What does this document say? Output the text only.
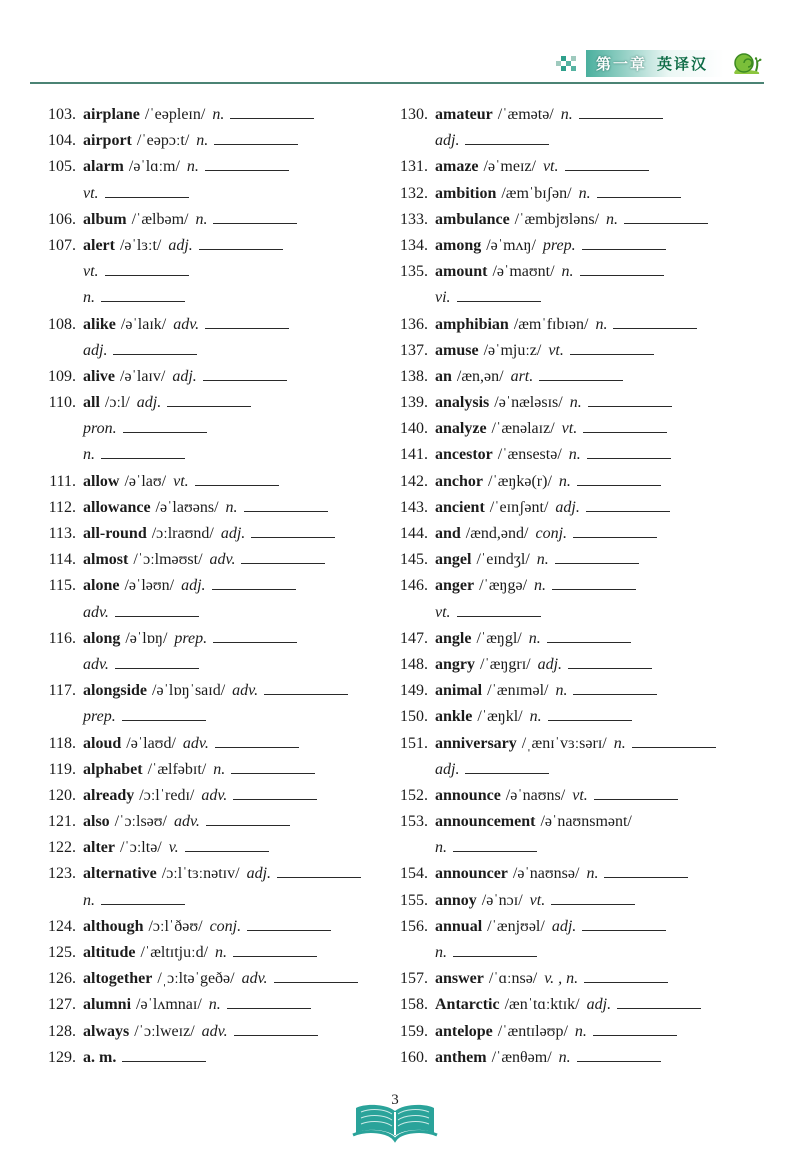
第一章 英译汉
103. airplane /ˈeəpleɪn/ n.
104. airport /ˈeəpɔːt/ n.
105. alarm /əˈlɑːm/ n.
vt.
106. album /ˈælbəm/ n.
107. alert /əˈlɜːt/ adj.
vt.
n.
108. alike /əˈlaɪk/ adv.
adj.
109. alive /əˈlaɪv/ adj.
110. all /ɔːl/ adj.
pron.
n.
111. allow /əˈlaʊ/ vt.
112. allowance /əˈlaʊəns/ n.
113. all-round /ɔːlraʊnd/ adj.
114. almost /ˈɔːlməʊst/ adv.
115. alone /əˈləʊn/ adj.
adv.
116. along /əˈlɒŋ/ prep.
adv.
117. alongside /əˈlɒŋˈsaɪd/ adv.
prep.
118. aloud /əˈlaʊd/ adv.
119. alphabet /ˈælfəbɪt/ n.
120. already /ɔːlˈredɪ/ adv.
121. also /ˈɔːlsəʊ/ adv.
122. alter /ˈɔːltə/ v.
123. alternative /ɔːlˈtɜːnətɪv/ adj.
n.
124. although /ɔːlˈðəʊ/ conj.
125. altitude /ˈæltɪtjuːd/ n.
126. altogether /ˌɔːltəˈgeðə/ adv.
127. alumni /əˈlʌmnaɪ/ n.
128. always /ˈɔːlweɪz/ adv.
129. a. m.
130. amateur /ˈæmətə/ n.
adj.
131. amaze /əˈmeɪz/ vt.
132. ambition /æmˈbɪʃən/ n.
133. ambulance /ˈæmbjʊləns/ n.
134. among /əˈmʌŋ/ prep.
135. amount /əˈmaʊnt/ n.
vi.
136. amphibian /æmˈfɪbɪən/ n.
137. amuse /əˈmjuːz/ vt.
138. an /æn,ən/ art.
139. analysis /əˈnæləsɪs/ n.
140. analyze /ˈænəlaɪz/ vt.
141. ancestor /ˈænsestə/ n.
142. anchor /ˈæŋkə(r)/ n.
143. ancient /ˈeɪnʃənt/ adj.
144. and /ænd,ənd/ conj.
145. angel /ˈeɪndʒl/ n.
146. anger /ˈæŋgə/ n.
vt.
147. angle /ˈæŋgl/ n.
148. angry /ˈæŋgrɪ/ adj.
149. animal /ˈænɪməl/ n.
150. ankle /ˈæŋkl/ n.
151. anniversary /ˌænɪˈvɜːsərɪ/ n.
adj.
152. announce /əˈnaʊns/ vt.
153. announcement /əˈnaʊnsmənt/
n.
154. announcer /əˈnaʊnsə/ n.
155. annoy /əˈnɔɪ/ vt.
156. annual /ˈænjʊəl/ adj.
n.
157. answer /ˈɑːnsə/ v. , n.
158. Antarctic /ænˈtɑːktɪk/ adj.
159. antelope /ˈæntɪləʊp/ n.
160. anthem /ˈænθəm/ n.
3
